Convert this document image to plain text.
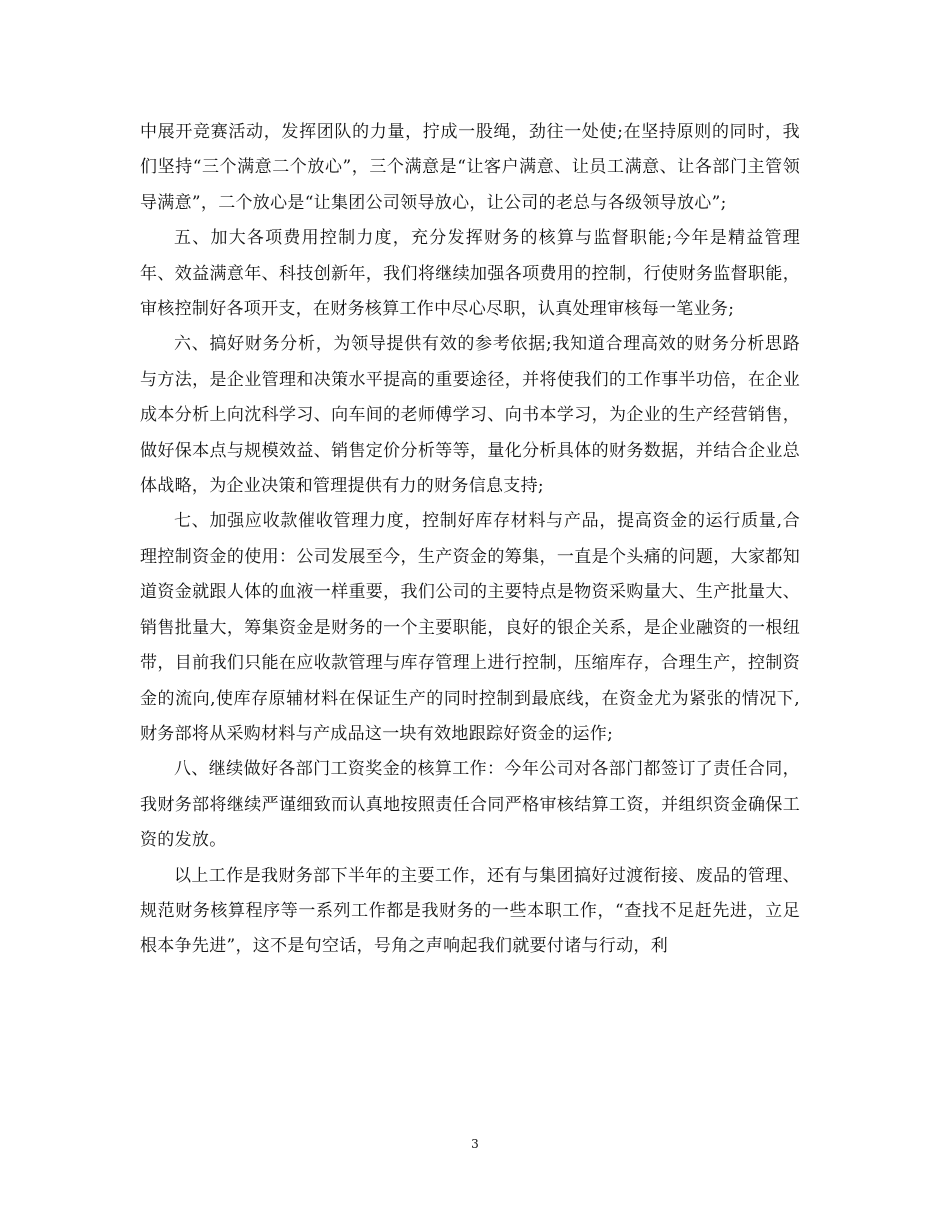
中展开竞赛活动，发挥团队的力量，拧成一股绳，劲往一处使;在坚持原则的同时，我们坚持“三个满意二个放心”，三个满意是“让客户满意、让员工满意、让各部门主管领导满意”，二个放心是“让集团公司领导放心，让公司的老总与各级领导放心”;

五、加大各项费用控制力度，充分发挥财务的核算与监督职能;今年是精益管理年、效益满意年、科技创新年，我们将继续加强各项费用的控制，行使财务监督职能，审核控制好各项开支，在财务核算工作中尽心尽职，认真处理审核每一笔业务;

六、搞好财务分析，为领导提供有效的参考依据;我知道合理高效的财务分析思路与方法，是企业管理和决策水平提高的重要途径，并将使我们的工作事半功倍，在企业成本分析上向沈科学习、向车间的老师傅学习、向书本学习，为企业的生产经营销售，做好保本点与规模效益、销售定价分析等等，量化分析具体的财务数据，并结合企业总体战略，为企业决策和管理提供有力的财务信息支持;

七、加强应收款催收管理力度，控制好库存材料与产品，提高资金的运行质量,合理控制资金的使用：公司发展至今，生产资金的筹集，一直是个头痛的问题，大家都知道资金就跟人体的血液一样重要，我们公司的主要特点是物资采购量大、生产批量大、销售批量大，筹集资金是财务的一个主要职能，良好的银企关系，是企业融资的一根纽带，目前我们只能在应收款管理与库存管理上进行控制，压缩库存，合理生产，控制资金的流向,使库存原辅材料在保证生产的同时控制到最底线，在资金尤为紧张的情况下,财务部将从采购材料与产成品这一块有效地跟踪好资金的运作;

八、继续做好各部门工资奖金的核算工作：今年公司对各部门都签订了责任合同，我财务部将继续严谨细致而认真地按照责任合同严格审核结算工资，并组织资金确保工资的发放。

以上工作是我财务部下半年的主要工作，还有与集团搞好过渡衔接、废品的管理、规范财务核算程序等一系列工作都是我财务的一些本职工作，“查找不足赶先进，立足根本争先进”，这不是句空话，号角之声响起我们就要付诸与行动，利

3
